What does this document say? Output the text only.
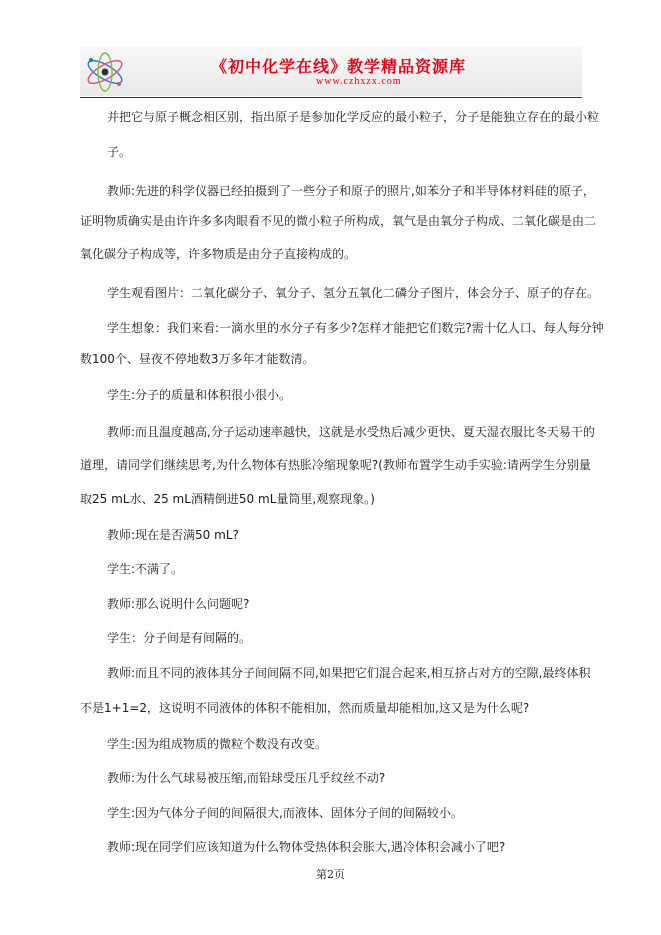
《初中化学在线》教学精品资源库
www.czhxzx.com
并把它与原子概念相区别，指出原子是参加化学反应的最小粒子，分子是能独立存在的最小粒
子。
教师:先进的科学仪器已经拍摄到了一些分子和原子的照片,如苯分子和半导体材料硅的原子，
证明物质确实是由许许多多肉眼看不见的微小粒子所构成，氧气是由氧分子构成、二氧化碳是由二
氧化碳分子构成等，许多物质是由分子直接构成的。
学生观看图片：二氧化碳分子、氧分子、氢分五氧化二磷分子图片，体会分子、原子的存在。
学生想象：我们来看:一滴水里的水分子有多少?怎样才能把它们数完?需十亿人口、每人每分钟
数100个、昼夜不停地数3万多年才能数清。
学生:分子的质量和体积很小很小。
教师:而且温度越高,分子运动速率越快，这就是水受热后减少更快、夏天湿衣服比冬天易干的
道理，请同学们继续思考,为什么物体有热胀冷缩现象呢?(教师布置学生动手实验:请两学生分别量
取25 mL水、25 mL酒精倒进50 mL量筒里,观察现象。)
教师:现在是否满50 mL?
学生:不满了。
教师:那么说明什么问题呢?
学生：分子间是有间隔的。
教师:而且不同的液体其分子间间隔不同,如果把它们混合起来,相互挤占对方的空隙,最终体积
不是1+1=2，这说明不同液体的体积不能相加，然而质量却能相加,这又是为什么呢?
学生:因为组成物质的微粒个数没有改变。
教师:为什么气球易被压缩,而铅球受压几乎纹丝不动?
学生:因为气体分子间的间隔很大,而液体、固体分子间的间隔较小。
教师:现在同学们应该知道为什么物体受热体积会胀大,遇冷体积会减小了吧?
第2页
